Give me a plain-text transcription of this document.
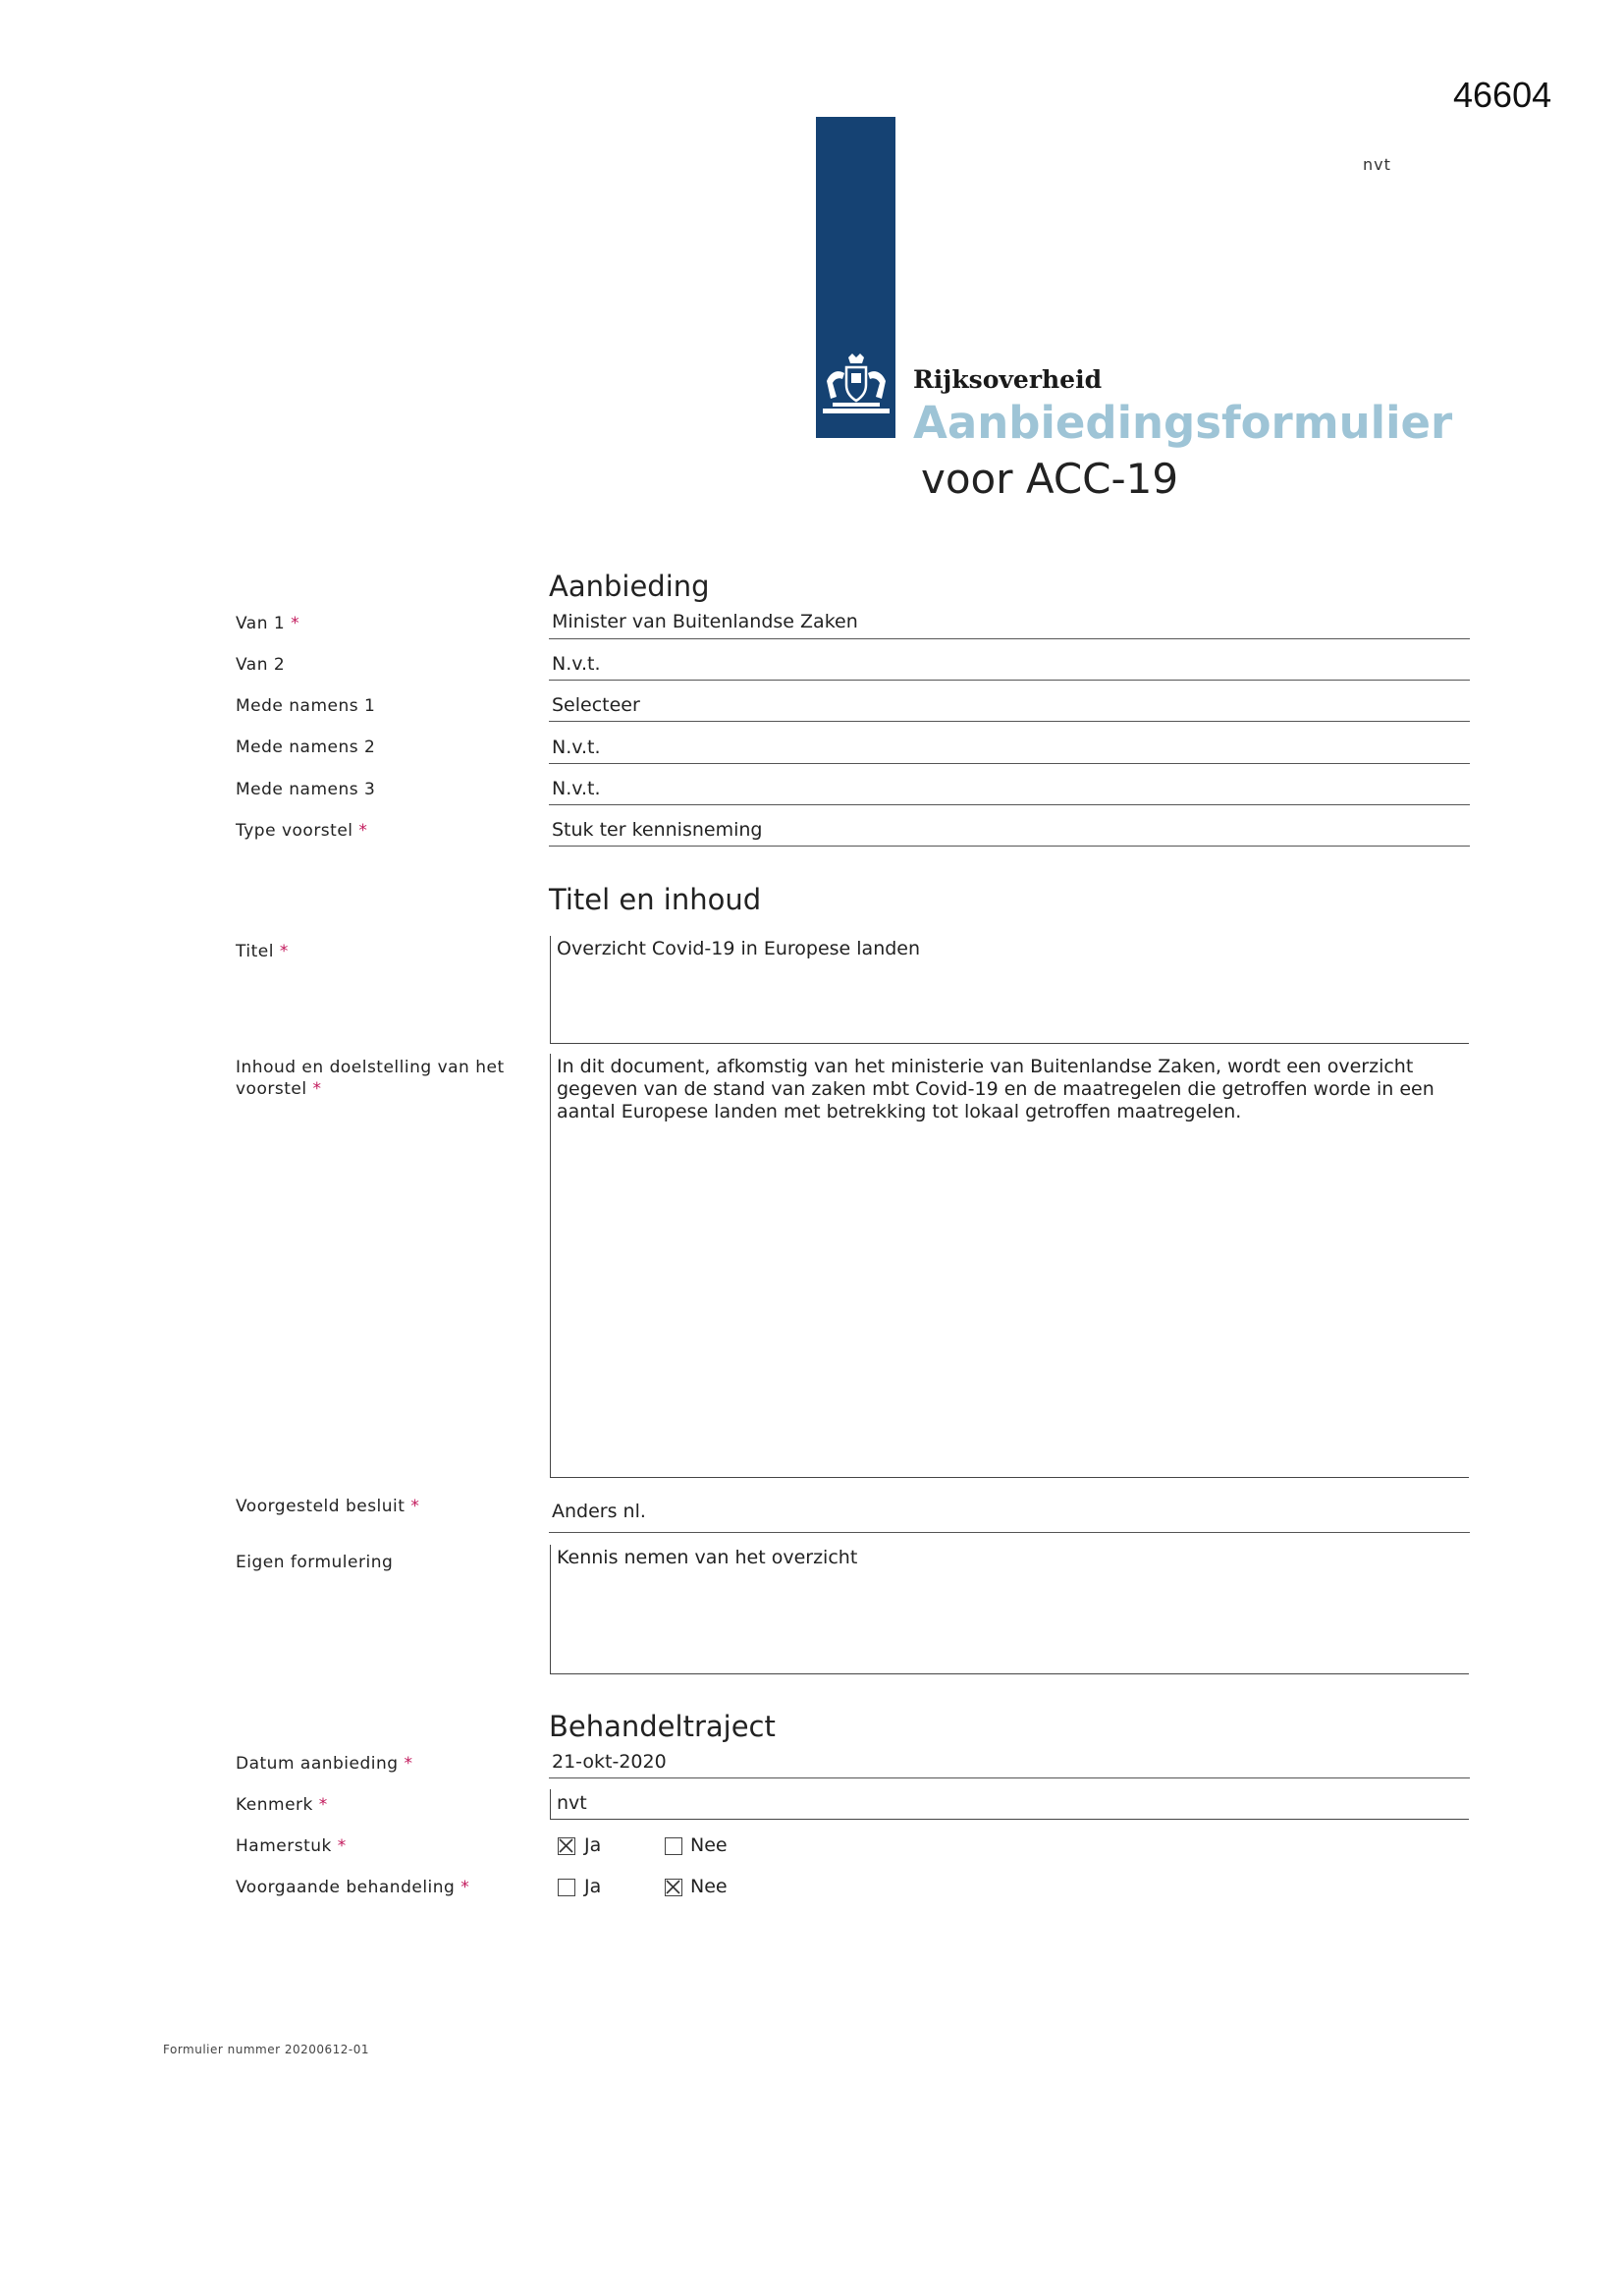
46604
nvt
Rijksoverheid
Aanbiedingsformulier
voor ACC-19
Aanbieding
Van 1 *	Minister van Buitenlandse Zaken
Van 2	N.v.t.
Mede namens 1	Selecteer
Mede namens 2	N.v.t.
Mede namens 3	N.v.t.
Type voorstel *	Stuk ter kennisneming
Titel en inhoud
Titel *	Overzicht Covid-19 in Europese landen
Inhoud en doelstelling van het
voorstel *
In dit document, afkomstig van het ministerie van Buitenlandse Zaken, wordt een overzicht gegeven van de stand van zaken mbt Covid-19 en de maatregelen die getroffen worde in een aantal Europese landen met betrekking tot lokaal getroffen maatregelen.
Voorgesteld besluit *	Anders nl.
Eigen formulering	Kennis nemen van het overzicht
Behandeltraject
Datum aanbieding *	21-okt-2020
Kenmerk *	nvt
Hamerstuk *	Ja	Nee
Voorgaande behandeling *	Ja	Nee
Formulier nummer 20200612-01
